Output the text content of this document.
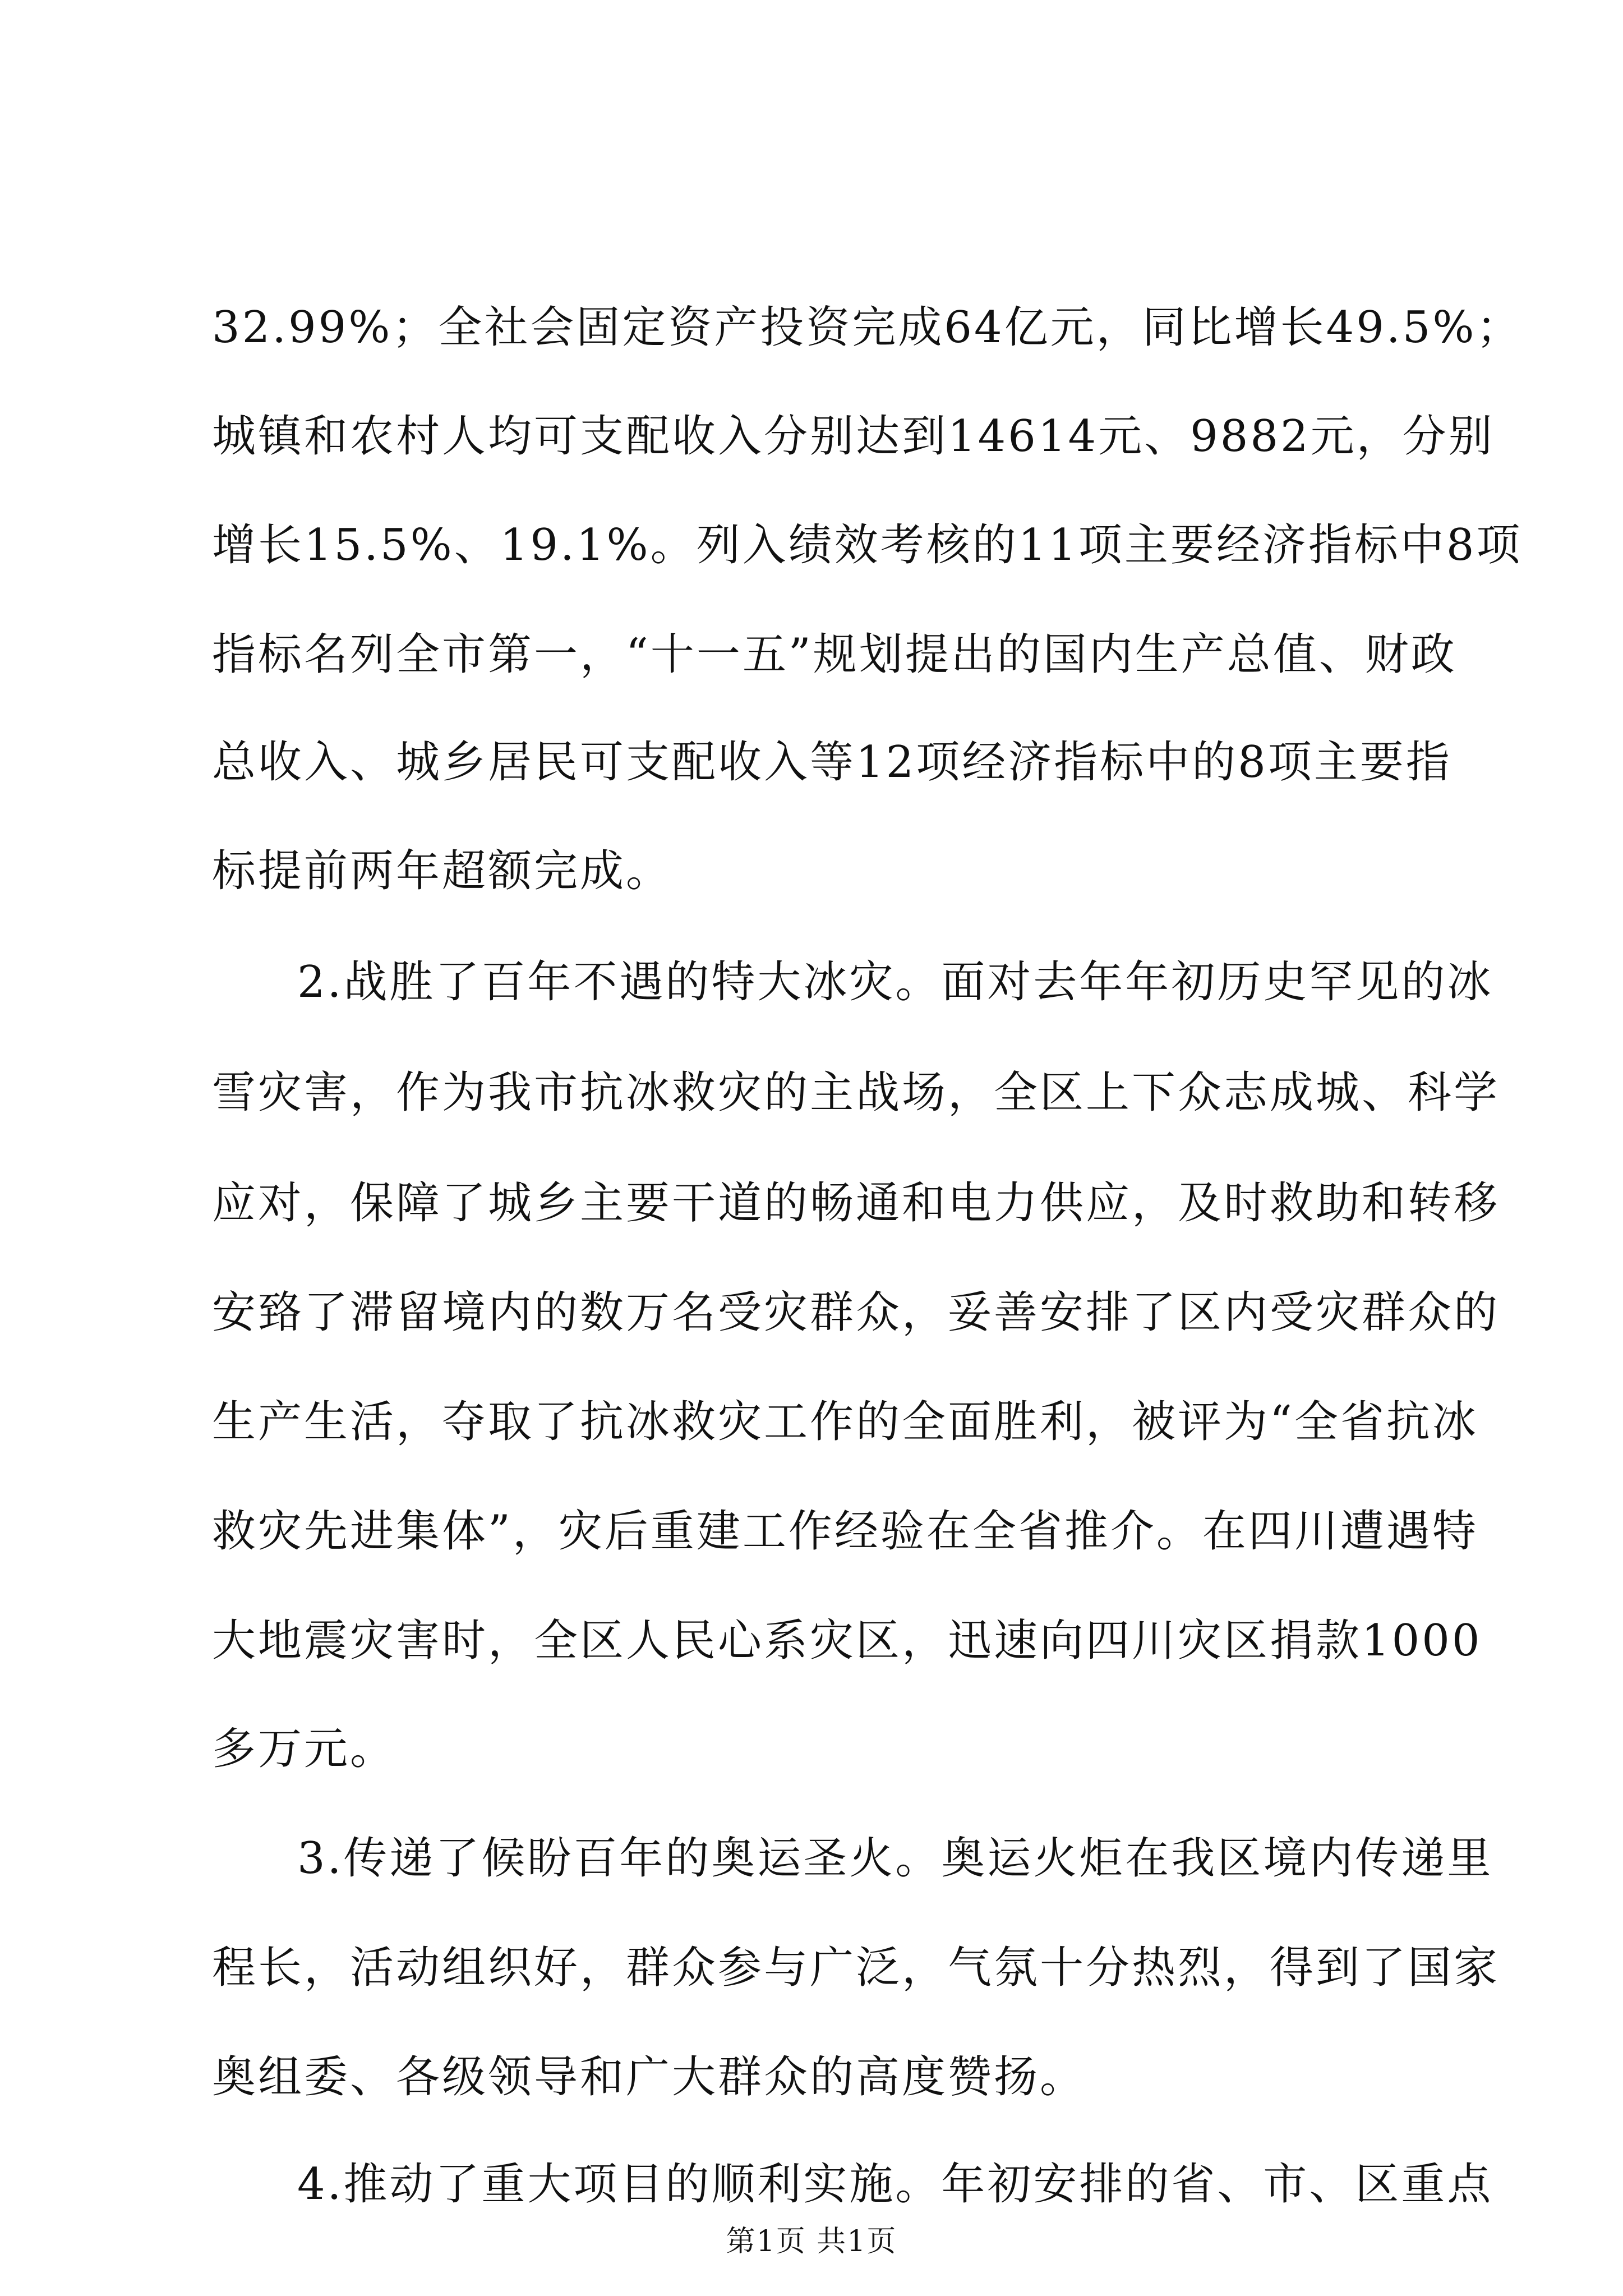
32.99%；全社会固定资产投资完成64亿元，同比增长49.5%；
城镇和农村人均可支配收入分别达到14614元、9882元，分别
增长15.5%、19.1%。列入绩效考核的11项主要经济指标中8项
指标名列全市第一，“十一五”规划提出的国内生产总值、财政
总收入、城乡居民可支配收入等12项经济指标中的8项主要指
标提前两年超额完成。
2.战胜了百年不遇的特大冰灾。面对去年年初历史罕见的冰
雪灾害，作为我市抗冰救灾的主战场，全区上下众志成城、科学
应对，保障了城乡主要干道的畅通和电力供应，及时救助和转移
安臵了滞留境内的数万名受灾群众，妥善安排了区内受灾群众的
生产生活，夺取了抗冰救灾工作的全面胜利，被评为“全省抗冰
救灾先进集体”，灾后重建工作经验在全省推介。在四川遭遇特
大地震灾害时，全区人民心系灾区，迅速向四川灾区捐款1000
多万元。
3.传递了候盼百年的奥运圣火。奥运火炬在我区境内传递里
程长，活动组织好，群众参与广泛，气氛十分热烈，得到了国家
奥组委、各级领导和广大群众的高度赞扬。
4.推动了重大项目的顺利实施。年初安排的省、市、区重点
第1页 共1页
